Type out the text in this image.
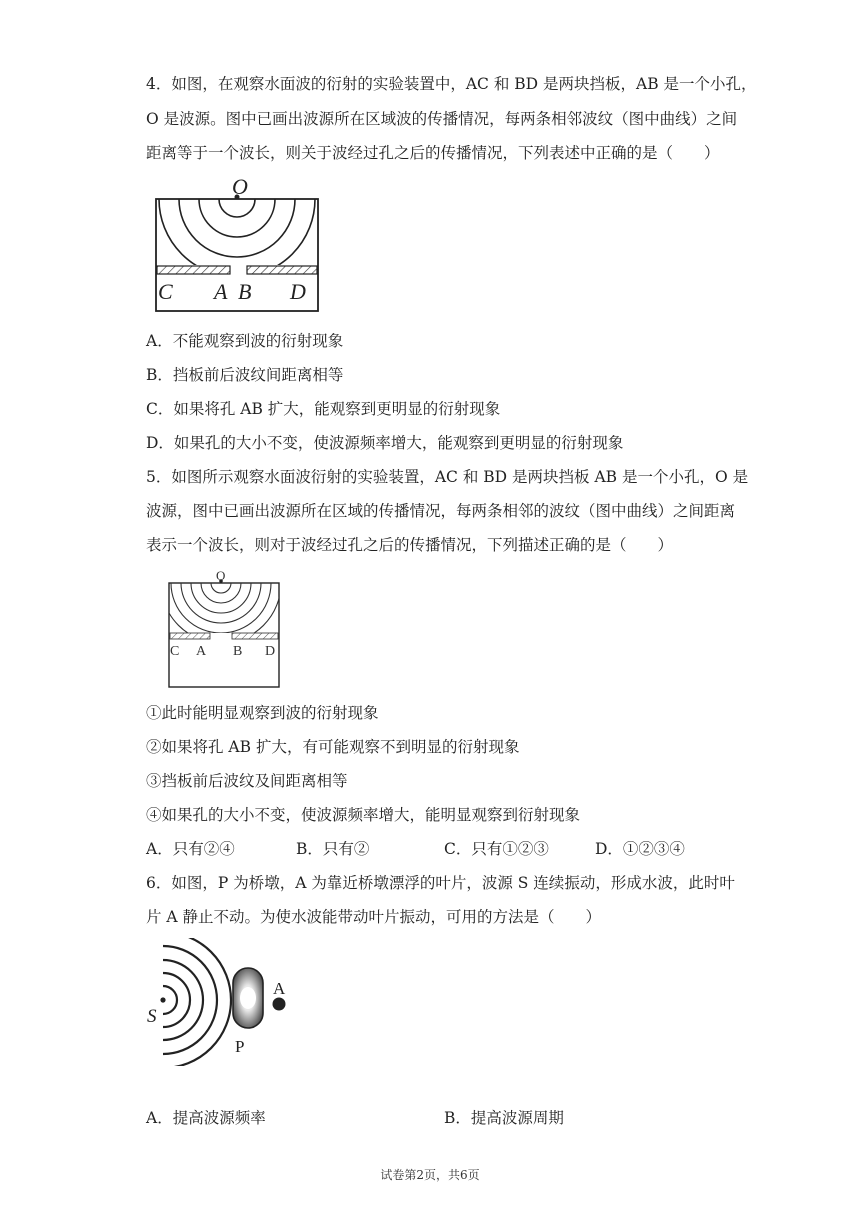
4．如图，在观察水面波的衍射的实验装置中，AC 和 BD 是两块挡板，AB 是一个小孔，
O 是波源。图中已画出波源所在区域波的传播情况，每两条相邻波纹（图中曲线）之间
距离等于一个波长，则关于波经过孔之后的传播情况，下列表述中正确的是（　　）
O
C A B D
A．不能观察到波的衍射现象
B．挡板前后波纹间距离相等
C．如果将孔 AB 扩大，能观察到更明显的衍射现象
D．如果孔的大小不变，使波源频率增大，能观察到更明显的衍射现象
5．如图所示观察水面波衍射的实验装置，AC 和 BD 是两块挡板 AB 是一个小孔，O 是
波源，图中已画出波源所在区域的传播情况，每两条相邻的波纹（图中曲线）之间距离
表示一个波长，则对于波经过孔之后的传播情况，下列描述正确的是（　　）
O
C A B D
①此时能明显观察到波的衍射现象
②如果将孔 AB 扩大，有可能观察不到明显的衍射现象
③挡板前后波纹及间距离相等
④如果孔的大小不变，使波源频率增大，能明显观察到衍射现象
A．只有②④	B．只有②	C．只有①②③	D．①②③④
6．如图，P 为桥墩，A 为靠近桥墩漂浮的叶片，波源 S 连续振动，形成水波，此时叶
片 A 静止不动。为使水波能带动叶片振动，可用的方法是（　　）
S
P
A
A．提高波源频率	B．提高波源周期
试卷第2页，共6页
